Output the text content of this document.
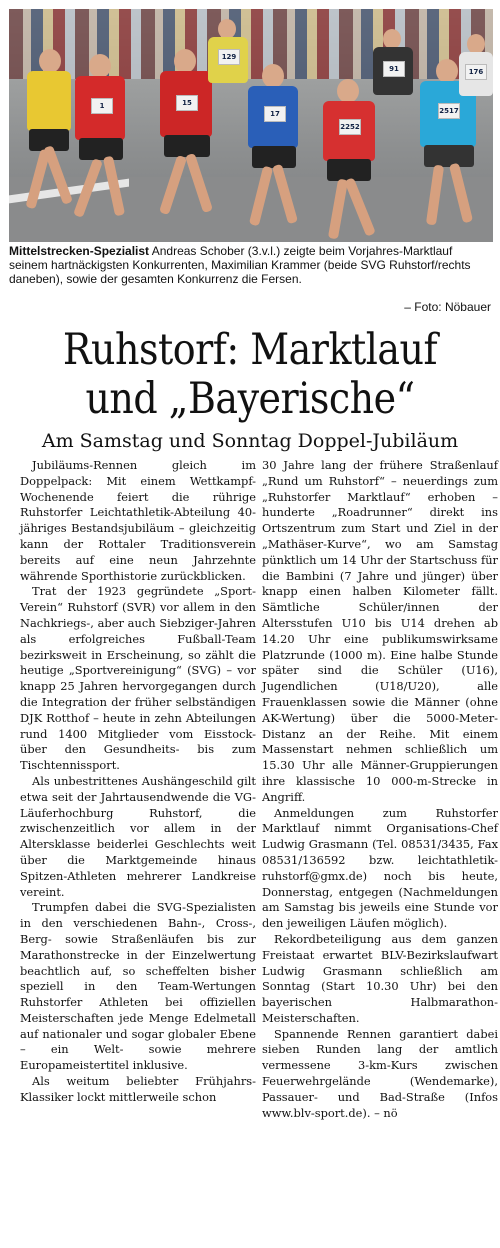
1	15
17
2252
2517
91
129
176
Mittelstrecken-Spezialist Andreas Schober (3.v.l.) zeigte beim Vorjahres-Marktlauf seinem hartnäckigsten Konkurrenten, Maximilian Krammer (beide SVG Ruhstorf/rechts daneben), sowie der gesamten Konkurrenz die Fersen.
– Foto: Nöbauer
Ruhstorf: Marktlauf
und „Bayerische“
Am Samstag und Sonntag Doppel-Jubiläum

Jubiläums-Rennen gleich im Doppelpack: Mit einem Wettkampf-Wochenende feiert die rührige Ruhstorfer Leichtathletik-Abteilung 40-jähriges Bestandsjubiläum – gleichzeitig kann der Rottaler Traditionsverein bereits auf eine neun Jahrzehnte währende Sporthistorie zurückblicken.

Trat der 1923 gegründete „Sport-Verein“ Ruhstorf (SVR) vor allem in den Nachkriegs-, aber auch Siebziger-Jahren als erfolgreiches Fußball-Team bezirksweit in Erscheinung, so zählt die heutige „Sportvereinigung“ (SVG) – vor knapp 25 Jahren hervorgegangen durch die Integration der früher selbständigen DJK Rotthof – heute in zehn Abteilungen rund 1400 Mitglieder vom Eisstock- über den Gesundheits- bis zum Tischtennissport.

Als unbestrittenes Aushängeschild gilt etwa seit der Jahrtausendwende die VG-Läuferhochburg Ruhstorf, die zwischenzeitlich vor allem in der Altersklasse beiderlei Geschlechts weit über die Marktgemeinde hinaus Spitzen-Athleten mehrerer Landkreise vereint.

Trumpfen dabei die SVG-Spezialisten in den verschiedenen Bahn-, Cross-, Berg- sowie Straßenläufen bis zur Marathonstrecke in der Einzelwertung beachtlich auf, so scheffelten bisher speziell in den Team-Wertungen Ruhstorfer Athleten bei offiziellen Meisterschaften jede Menge Edelmetall auf nationaler und sogar globaler Ebene – ein Welt- sowie mehrere Europameistertitel inklusive.

Als weitum beliebter Frühjahrs-Klassiker lockt mittlerweile schon

30 Jahre lang der frühere Straßenlauf „Rund um Ruhstorf“ – neuerdings zum „Ruhstorfer Marktlauf“ erhoben – hunderte „Roadrunner“ direkt ins Ortszentrum zum Start und Ziel in der „Mathäser-Kurve“, wo am Samstag pünktlich um 14 Uhr der Startschuss für die Bambini (7 Jahre und jünger) über knapp einen halben Kilometer fällt. Sämtliche Schüler/innen der Altersstufen U10 bis U14 drehen ab 14.20 Uhr eine publikumswirksame Platzrunde (1000 m). Eine halbe Stunde später sind die Schüler (U16), Jugendlichen (U18/U20), alle Frauenklassen sowie die Männer (ohne AK-Wertung) über die 5000-Meter-Distanz an der Reihe. Mit einem Massenstart nehmen schließlich um 15.30 Uhr alle Männer-Gruppierungen ihre klassische 10 000-m-Strecke in Angriff.

Anmeldungen zum Ruhstorfer Marktlauf nimmt Organisations-Chef Ludwig Grasmann (Tel. 08531/3435, Fax 08531/136592 bzw. leichtathletik-ruhstorf@gmx.de) noch bis heute, Donnerstag, entgegen (Nachmeldungen am Samstag bis jeweils eine Stunde vor den jeweiligen Läufen möglich).

Rekordbeteiligung aus dem ganzen Freistaat erwartet BLV-Bezirkslaufwart Ludwig Grasmann schließlich am Sonntag (Start 10.30 Uhr) bei den bayerischen Halbmarathon-Meisterschaften.

Spannende Rennen garantiert dabei sieben Runden lang der amtlich vermessene 3-km-Kurs zwischen Feuerwehrgelände (Wendemarke), Passauer- und Bad-Straße (Infos www.blv-sport.de). – nö
